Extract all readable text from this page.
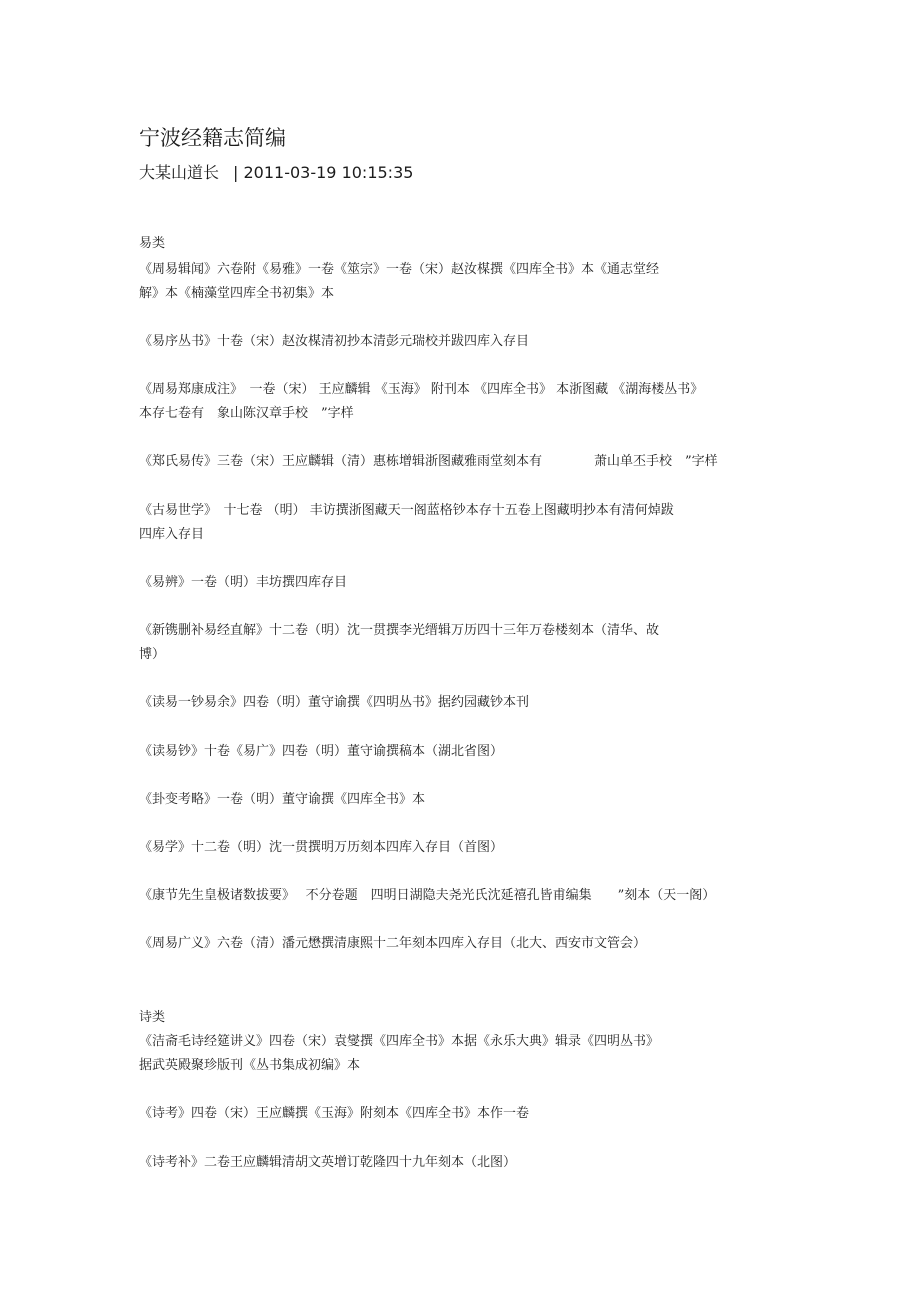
宁波经籍志简编
大某山道长 | 2011-03-19 10:15:35
易类
《周易辑闻》六卷附《易雅》一卷《筮宗》一卷（宋）赵汝楳撰《四库全书》本《通志堂经
解》本《楠藻堂四库全书初集》本
《易序丛书》十卷（宋）赵汝楳清初抄本清彭元瑞校并跋四库入存目
《周易郑康成注》　一卷（宋） 王应麟辑 《玉海》 附刊本 《四库全书》 本浙图藏 《湖海楼丛书》
本存七卷有　象山陈汉章手校　”字样
《郑氏易传》三卷（宋）王应麟辑（清）惠栋增辑浙图藏雅雨堂刻本有　　　　萧山单丕手校　”字样
《古易世学》　十七卷 （明） 丰访撰浙图藏天一阁蓝格钞本存十五卷上图藏明抄本有清何焯跋
四库入存目
《易辨》一卷（明）丰坊撰四库存目
《新镌删补易经直解》十二卷（明）沈一贯撰李光缙辑万历四十三年万卷楼刻本（清华、故
博）
《读易一钞易余》四卷（明）董守谕撰《四明丛书》据约园藏钞本刊
《读易钞》十卷《易广》四卷（明）董守谕撰稿本（湖北省图）
《卦变考略》一卷（明）董守谕撰《四库全书》本
《易学》十二卷（明）沈一贯撰明万历刻本四库入存目（首图）
《康节先生皇极诸数拔要》　 不分卷题　四明日湖隐夫尧光氏沈延禧孔皆甫编集　　”刻本（天一阁）
《周易广义》六卷（清）潘元懋撰清康熙十二年刻本四库入存目（北大、西安市文管会）
诗类
《洁斋毛诗经筵讲义》四卷（宋）袁燮撰《四库全书》本据《永乐大典》辑录《四明丛书》
据武英殿聚珍版刊《丛书集成初编》本
《诗考》四卷（宋）王应麟撰《玉海》附刻本《四库全书》本作一卷
《诗考补》二卷王应麟辑清胡文英增订乾隆四十九年刻本（北图）
